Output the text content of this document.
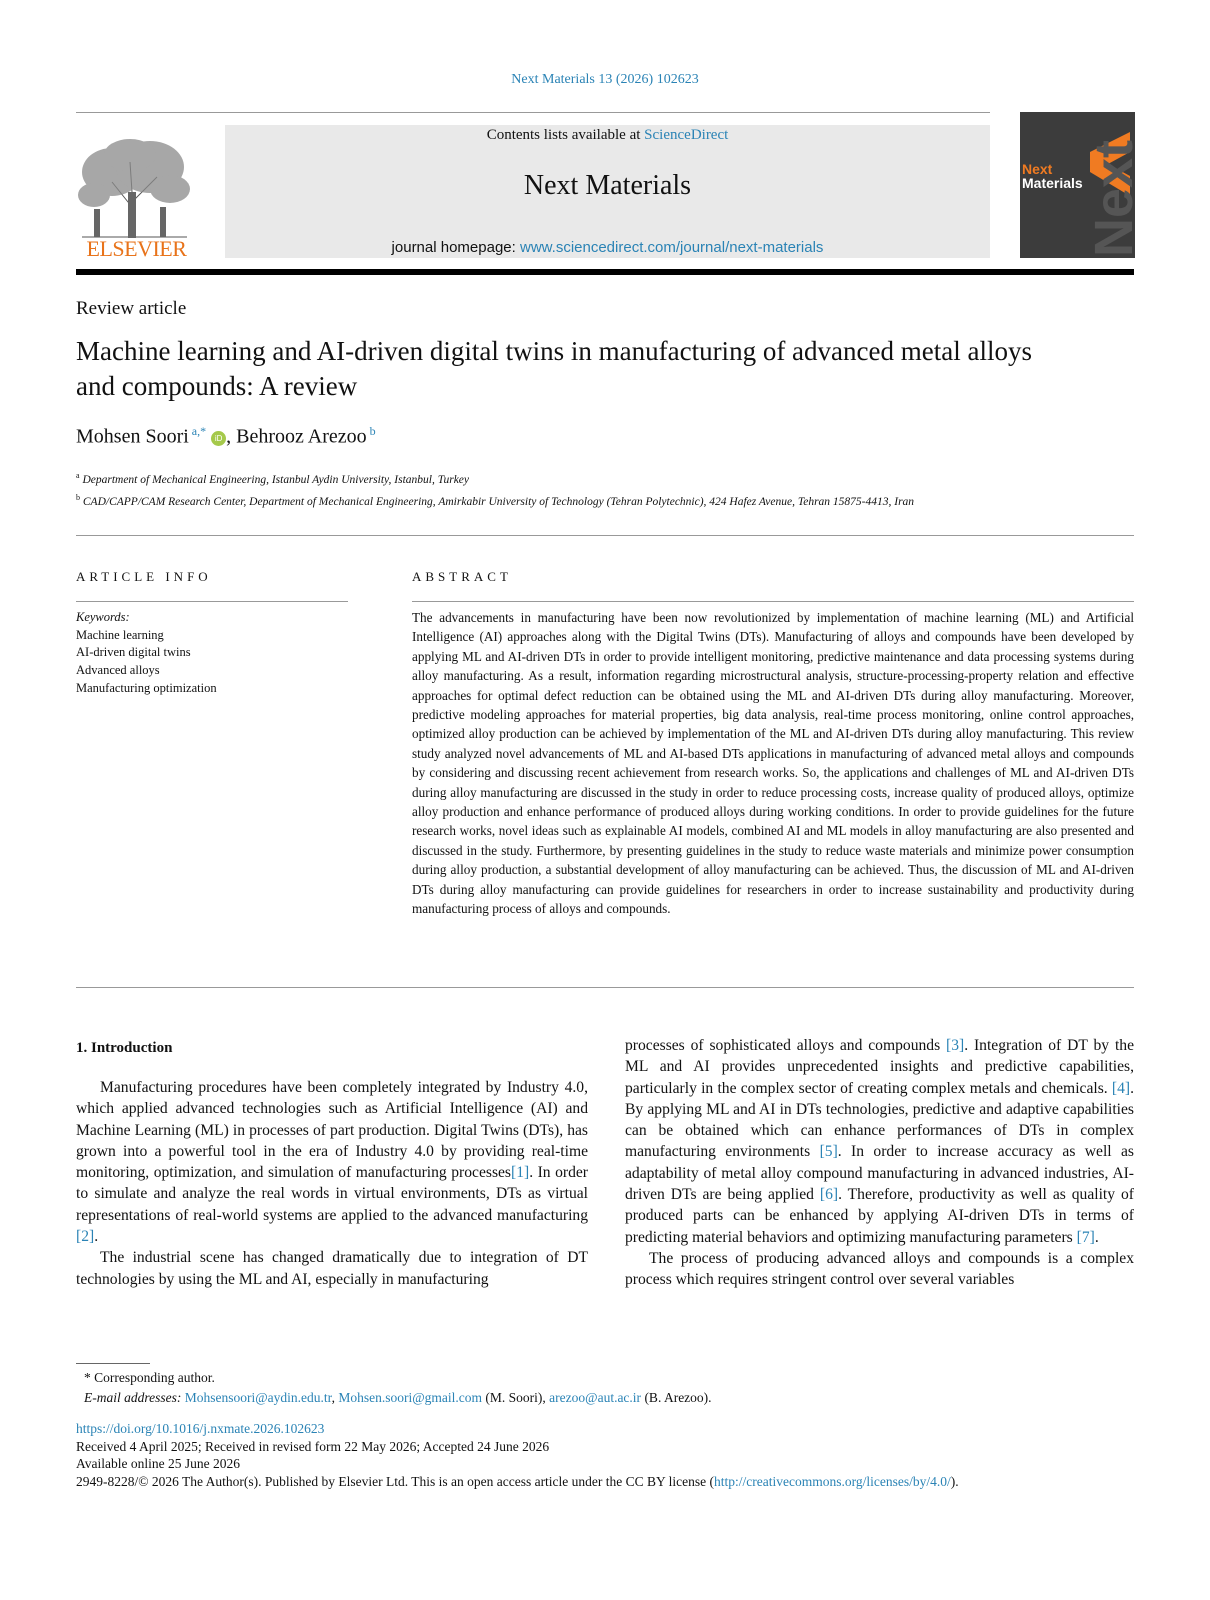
Next Materials 13 (2026) 102623
ELSEVIER
Contents lists available at ScienceDirect
Next Materials
journal homepage: www.sciencedirect.com/journal/next-materials	Next
Next
Materials
Review article
Machine learning and AI-driven digital twins in manufacturing of advanced metal alloys and compounds: A review
Mohsen Soori $^{a,*}$ iD , Behrooz Arezoo $^b$
$^a$ Department of Mechanical Engineering, Istanbul Aydin University, Istanbul, Turkey
$^b$ CAD/CAPP/CAM Research Center, Department of Mechanical Engineering, Amirkabir University of Technology (Tehran Polytechnic), 424 Hafez Avenue, Tehran 15875-4413, Iran
ARTICLE INFO	ABSTRACT
Keywords:
Machine learning
AI-driven digital twins
Advanced alloys
Manufacturing optimization
The advancements in manufacturing have been now revolutionized by implementation of machine learning (ML) and Artificial Intelligence (AI) approaches along with the Digital Twins (DTs). Manufacturing of alloys and compounds have been developed by applying ML and AI-driven DTs in order to provide intelligent monitoring, predictive maintenance and data processing systems during alloy manufacturing. As a result, information regarding microstructural analysis, structure-processing-property relation and effective approaches for optimal defect reduction can be obtained using the ML and AI-driven DTs during alloy manufacturing. Moreover, predictive modeling approaches for material properties, big data analysis, real-time process monitoring, online control approaches, optimized alloy production can be achieved by implementation of the ML and AI-driven DTs during alloy manufacturing. This review study analyzed novel advancements of ML and AI-based DTs applications in manufacturing of advanced metal alloys and compounds by considering and discussing recent achievement from research works. So, the applications and challenges of ML and AI-driven DTs during alloy manufacturing are discussed in the study in order to reduce processing costs, increase quality of produced alloys, optimize alloy production and enhance performance of produced alloys during working conditions. In order to provide guidelines for the future research works, novel ideas such as explainable AI models, combined AI and ML models in alloy manufacturing are also presented and discussed in the study. Furthermore, by presenting guidelines in the study to reduce waste materials and minimize power consumption during alloy production, a substantial development of alloy manufacturing can be achieved. Thus, the discussion of ML and AI-driven DTs during alloy manufacturing can provide guidelines for researchers in order to increase sustainability and productivity during manufacturing process of alloys and compounds.
1. Introduction

Manufacturing procedures have been completely integrated by Industry 4.0, which applied advanced technologies such as Artificial Intelligence (AI) and Machine Learning (ML) in processes of part production. Digital Twins (DTs), has grown into a powerful tool in the era of Industry 4.0 by providing real-time monitoring, optimization, and simulation of manufacturing processes[1]. In order to simulate and analyze the real words in virtual environments, DTs as virtual representations of real-world systems are applied to the advanced manufacturing [2].

The industrial scene has changed dramatically due to integration of DT technologies by using the ML and AI, especially in manufacturing

processes of sophisticated alloys and compounds [3]. Integration of DT by the ML and AI provides unprecedented insights and predictive capabilities, particularly in the complex sector of creating complex metals and chemicals. [4]. By applying ML and AI in DTs technologies, predictive and adaptive capabilities can be obtained which can enhance performances of DTs in complex manufacturing environments [5]. In order to increase accuracy as well as adaptability of metal alloy compound manufacturing in advanced industries, AI-driven DTs are being applied [6]. Therefore, productivity as well as quality of produced parts can be enhanced by applying AI-driven DTs in terms of predicting material behaviors and optimizing manufacturing parameters [7].

The process of producing advanced alloys and compounds is a complex process which requires stringent control over several variables

* Corresponding author.
E-mail addresses: Mohsensoori@aydin.edu.tr, Mohsen.soori@gmail.com (M. Soori), arezoo@aut.ac.ir (B. Arezoo).
https://doi.org/10.1016/j.nxmate.2026.102623
Received 4 April 2025; Received in revised form 22 May 2026; Accepted 24 June 2026
Available online 25 June 2026
2949-8228/© 2026 The Author(s). Published by Elsevier Ltd. This is an open access article under the CC BY license (http://creativecommons.org/licenses/by/4.0/).
